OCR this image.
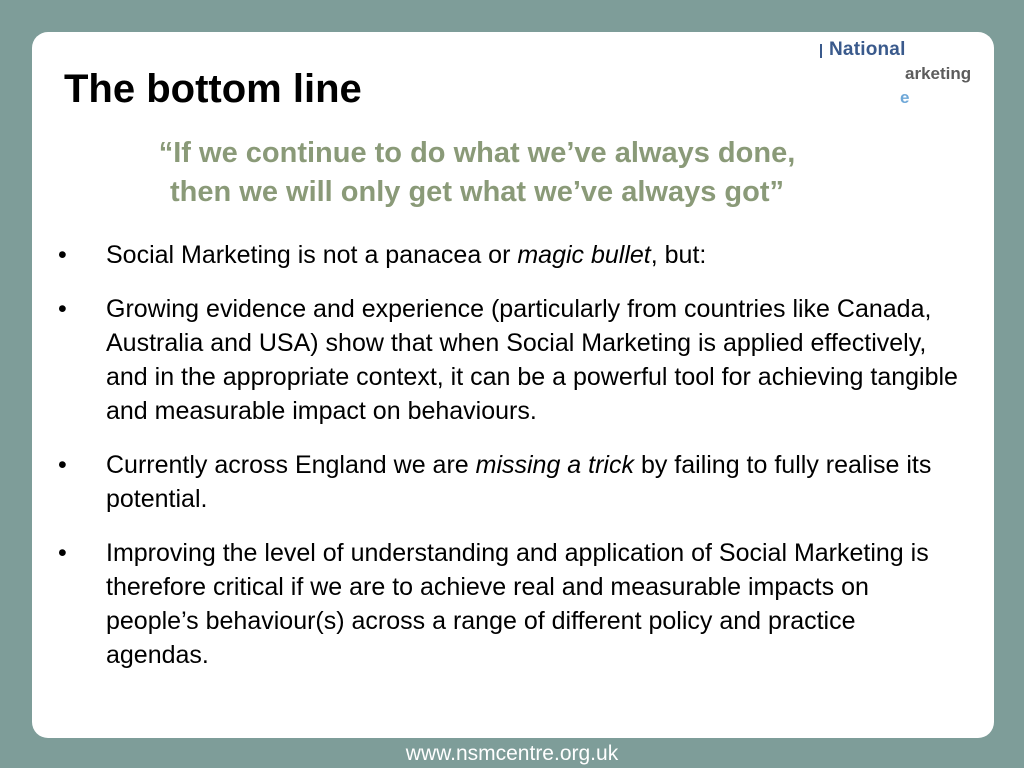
National
arketing
e
The bottom line
“If we continue to do what we’ve always done,
then we will only get what we’ve always got”
•	Social Marketing is not a panacea or magic bullet, but:
•	Growing evidence and experience (particularly from countries like Canada, Australia and USA) show that when Social Marketing is applied effectively, and in the appropriate context, it can be a powerful tool for achieving tangible and measurable impact on behaviours.
•	Currently across England we are missing a trick by failing to fully realise its potential.
•	Improving the level of understanding and application of Social Marketing is therefore critical if we are to achieve real and measurable impacts on people’s behaviour(s) across a range of different policy and practice agendas.
www.nsmcentre.org.uk
